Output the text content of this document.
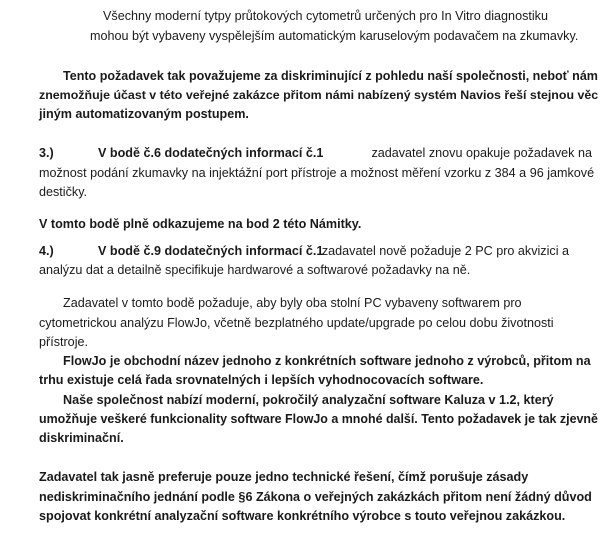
Všechny moderní tytpy průtokových cytometrů určených pro In Vitro diagnostiku
mohou být vybaveny vyspělejším automatickým karuselovým podavačem na zkumavky.
Tento požadavek tak považujeme za diskriminující z pohledu naší společnosti, neboť nám
znemožňuje účast v této veřejné zakázce přitom námi nabízený systém Navios řeší stejnou věc
jiným automatizovaným postupem.
3.)	V bodě č.6 dodatečných informací č.1	zadavatel znovu opakuje požadavek na
možnost podání zkumavky na injektážní port přístroje a možnost měření vzorku z 384 a 96 jamkové
destičky.
V tomto bodě plně odkazujeme na bod 2 této Námitky.
4.)	V bodě č.9 dodatečných informací č.1
zadavatel nově požaduje 2 PC pro akvizici a
analýzu dat a detailně specifikuje hardwarové a softwarové požadavky na ně.
Zadavatel v tomto bodě požaduje, aby byly oba stolní PC vybaveny softwarem pro
cytometrickou analýzu FlowJo, včetně bezplatného update/upgrade po celou dobu životnosti
přístroje.
FlowJo je obchodní název jednoho z konkrétních software jednoho z výrobců, přitom na
trhu existuje celá řada srovnatelných i lepších vyhodnocovacích software.
Naše společnost nabízí moderní, pokročilý analyzační software Kaluza v 1.2, který
umožňuje veškeré funkcionality software FlowJo a mnohé další. Tento požadavek je tak zjevně
diskriminační.
Zadavatel tak jasně preferuje pouze jedno technické řešení, čímž porušuje zásady
nediskriminačního jednání podle §6 Zákona o veřejných zakázkách přitom není žádný důvod
spojovat konkrétní analyzační software konkrétního výrobce s touto veřejnou zakázkou.
